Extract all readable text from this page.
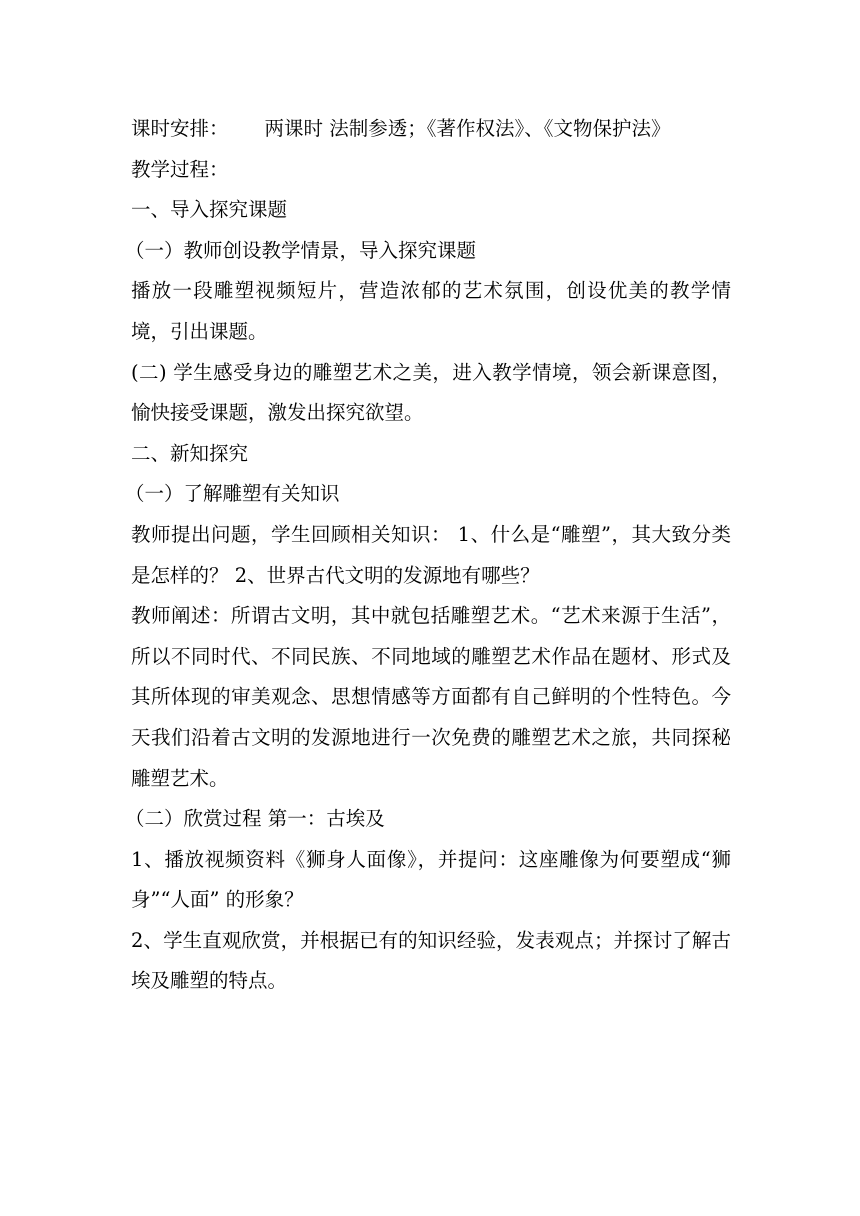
课时安排： 两课时 法制参透；《著作权法》、《文物保护法》

教学过程：

一、导入探究课题

（一）教师创设教学情景，导入探究课题

播放一段雕塑视频短片，营造浓郁的艺术氛围，创设优美的教学情境，引出课题。

(二) 学生感受身边的雕塑艺术之美，进入教学情境，领会新课意图，愉快接受课题，激发出探究欲望。

二、新知探究

（一）了解雕塑有关知识

教师提出问题，学生回顾相关知识： 1、什么是“雕塑”，其大致分类是怎样的？ 2、世界古代文明的发源地有哪些？

教师阐述：所谓古文明，其中就包括雕塑艺术。“艺术来源于生活”，所以不同时代、不同民族、不同地域的雕塑艺术作品在题材、形式及其所体现的审美观念、思想情感等方面都有自己鲜明的个性特色。今天我们沿着古文明的发源地进行一次免费的雕塑艺术之旅，共同探秘雕塑艺术。

（二）欣赏过程 第一：古埃及

1、播放视频资料《狮身人面像》，并提问：这座雕像为何要塑成“狮身”“人面” 的形象？

2、学生直观欣赏，并根据已有的知识经验，发表观点；并探讨了解古埃及雕塑的特点。
